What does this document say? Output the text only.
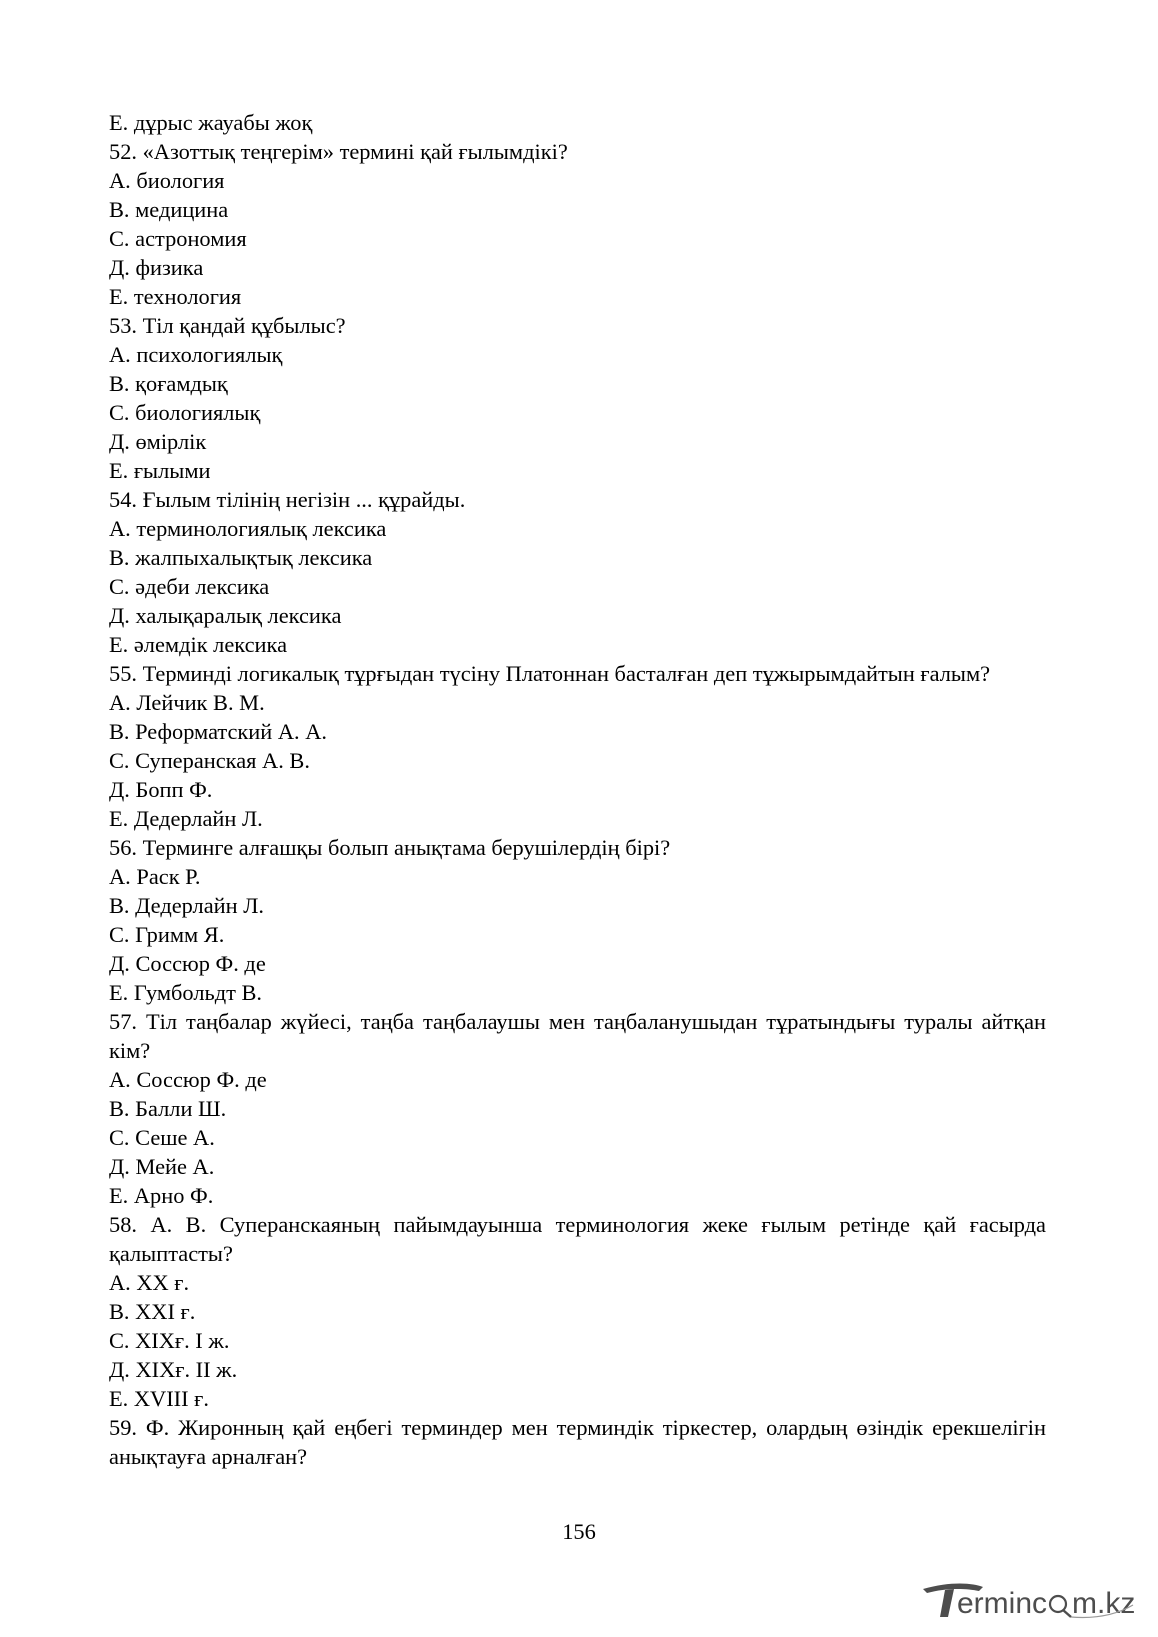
Е. дұрыс жауабы жоқ

52. «Азоттық теңгерім» термині қай ғылымдікі?

А. биология

В. медицина

С. астрономия

Д. физика

Е. технология

53. Тіл қандай құбылыс?

А. психологиялық

В. қоғамдық

С. биологиялық

Д. өмірлік

Е. ғылыми

54. Ғылым тілінің негізін ... құрайды.

А. терминологиялық лексика

В. жалпыхалықтық лексика

С. әдеби лексика

Д. халықаралық лексика

Е. әлемдік лексика

55. Терминді логикалық тұрғыдан түсіну Платоннан басталған деп тұжырымдайтын ғалым?

А. Лейчик В. М.

В. Реформатский А. А.

С. Суперанская А. В.

Д. Бопп Ф.

Е. Дедерлайн Л.

56. Терминге алғашқы болып анықтама берушілердің бірі?

А. Раск Р.

В. Дедерлайн Л.

С. Гримм Я.

Д. Соссюр Ф. де

Е. Гумбольдт В.

57. Тіл таңбалар жүйесі, таңба таңбалаушы мен таңбаланушыдан тұратындығы туралы айтқан кім?

А. Соссюр Ф. де

В. Балли Ш.

С. Сеше А.

Д. Мейе А.

Е. Арно Ф.

58. А. В. Суперанскаяның пайымдауынша терминология жеке ғылым ретінде қай ғасырда қалыптасты?

А. XX ғ.

В. XXI ғ.

С. XIXғ. I ж.

Д. XIXғ. II ж.

Е. XVIII ғ.

59. Ф. Жиронның қай еңбегі терминдер мен терминдік тіркестер, олардың өзіндік ерекшелігін анықтауға арналған?

156
erminc m.kz
